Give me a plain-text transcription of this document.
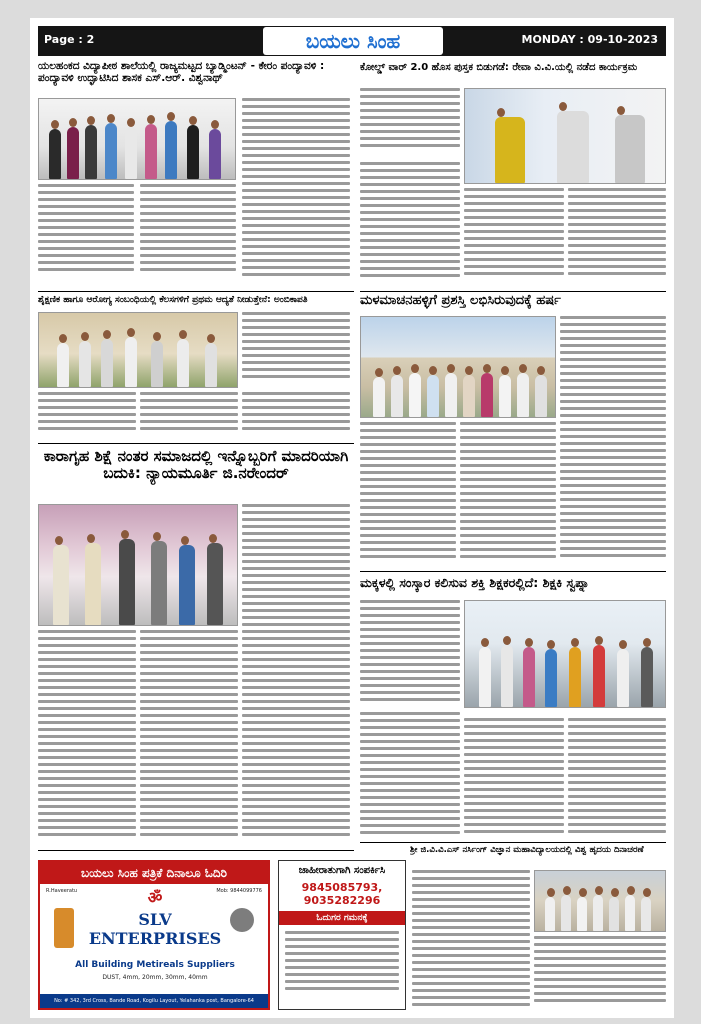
Page : 2	ಬಯಲು ಸಿಂಹ	MONDAY : 09-10-2023
ಯಲಹಂಕದ ವಿದ್ಯಾಪೀಠ ಶಾಲೆಯಲ್ಲಿ ರಾಜ್ಯಮಟ್ಟದ ಬ್ಯಾಡ್ಮಿಂಟನ್ - ಕೇರಂ ಪಂದ್ಯಾವಳಿ : ಪಂದ್ಯಾವಳಿ ಉದ್ಘಾಟಿಸಿದ ಶಾಸಕ ಎಸ್.ಆರ್. ವಿಶ್ವನಾಥ್
ಕೋಲ್ಡ್ ವಾರ್ 2.0 ಹೊಸ ಪುಸ್ತಕ ಬಿಡುಗಡೆ: ರೇವಾ ವಿ.ವಿ.ಯಲ್ಲಿ ನಡೆದ ಕಾರ್ಯಕ್ರಮ
ಶೈಕ್ಷಣಿಕ ಹಾಗೂ ಆರೋಗ್ಯ ಸಂಬಂಧಿಯಲ್ಲಿ ಕೆಲಸಗಳಿಗೆ ಪ್ರಥಮ ಆದ್ಯತೆ ನೀಡುತ್ತೇನೆ: ಅಂಬಿಕಾಪತಿ	ಮಳಮಾಚನಹಳ್ಳಿಗೆ ಪ್ರಶಸ್ತಿ ಲಭಿಸಿರುವುದಕ್ಕೆ ಹರ್ಷ
ಕಾರಾಗೃಹ ಶಿಕ್ಷೆ ನಂತರ ಸಮಾಜದಲ್ಲಿ ಇನ್ನೊಬ್ಬರಿಗೆ ಮಾದರಿಯಾಗಿ ಬದುಕಿ: ನ್ಯಾಯಮೂರ್ತಿ ಜಿ.ನರೇಂದರ್
ಮಕ್ಕಳಲ್ಲಿ ಸಂಸ್ಕಾರ ಕಲಿಸುವ ಶಕ್ತಿ ಶಿಕ್ಷಕರಲ್ಲಿದೆ: ಶಿಕ್ಷಕಿ ಸ್ವಪ್ನಾ
ಶ್ರೀ ಜಿ.ವಿ.ವಿ.ಎಸ್ ನರ್ಸಿಂಗ್ ವಿಜ್ಞಾನ ಮಹಾವಿದ್ಯಾಲಯದಲ್ಲಿ ವಿಶ್ವ ಹೃದಯ ದಿನಾಚರಣೆ
ಬಯಲು ಸಿಂಹ ಪತ್ರಿಕೆ ದಿನಾಲೂ ಓದಿರಿ
R.Haveeratu	ॐ	Mob: 9844099776
SLV ENTERPRISES
All Building Metireals Suppliers
DUST, 4mm, 20mm, 30mm, 40mm
No: # 342, 3rd Cross, Bande Road, Kogilu Layout, Yelahanka post, Bangalore-64
ಜಾಹೀರಾತುಗಾಗಿ ಸಂಪರ್ಕಿಸಿ
9845085793,
9035282296
ಓದುಗರ ಗಮನಕ್ಕೆ
